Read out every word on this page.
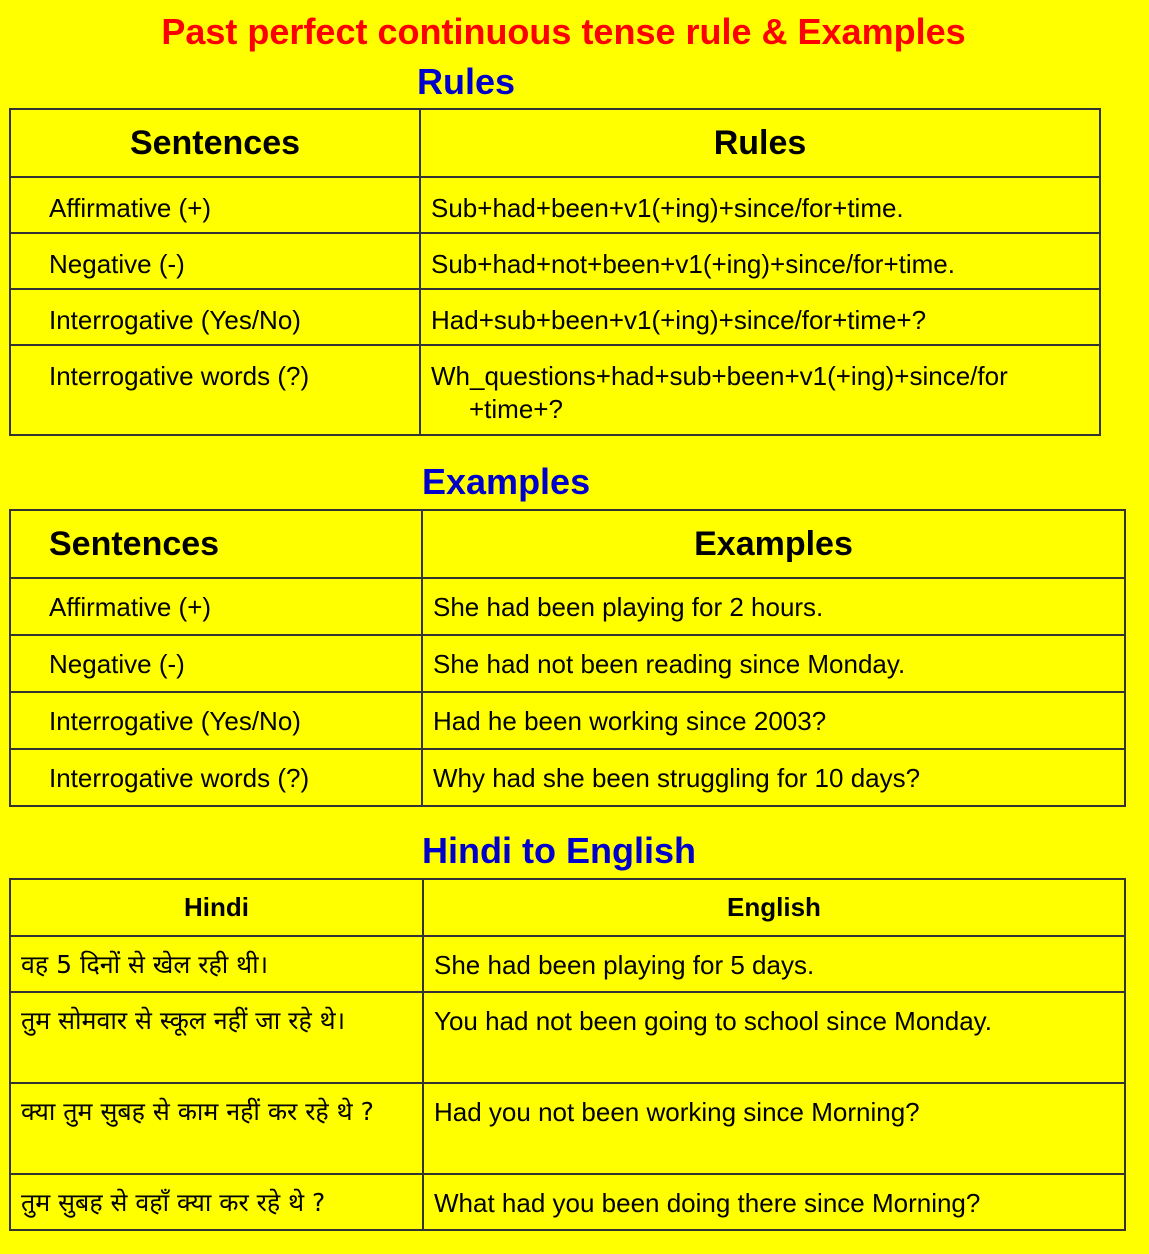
Past perfect continuous tense rule & Examples
Rules
Sentences	Rules

Affirmative (+)	Sub+had+been+v1(+ing)+since/for+time.

Negative (-)	Sub+had+not+been+v1(+ing)+since/for+time.

Interrogative (Yes/No)	Had+sub+been+v1(+ing)+since/for+time+?

Interrogative words (?)	Wh_questions+had+sub+been+v1(+ing)+since/for +time+?
Examples
Sentences	Examples

Affirmative (+)	She had been playing for 2 hours.

Negative (-)	She had not been reading since Monday.

Interrogative (Yes/No)	Had he been working since 2003?

Interrogative words (?)	Why had she been struggling for 10 days?
Hindi to English
Hindi	English

वह 5 दिनों से खेल रही थी।	She had been playing for 5 days.

तुम सोमवार से स्कूल नहीं जा रहे थे।	You had not been going to school since Monday.

क्या तुम सुबह से काम नहीं कर रहे थे ?	Had you not been working since Morning?

तुम सुबह से वहाँ क्या कर रहे थे ?	What had you been doing there since Morning?
